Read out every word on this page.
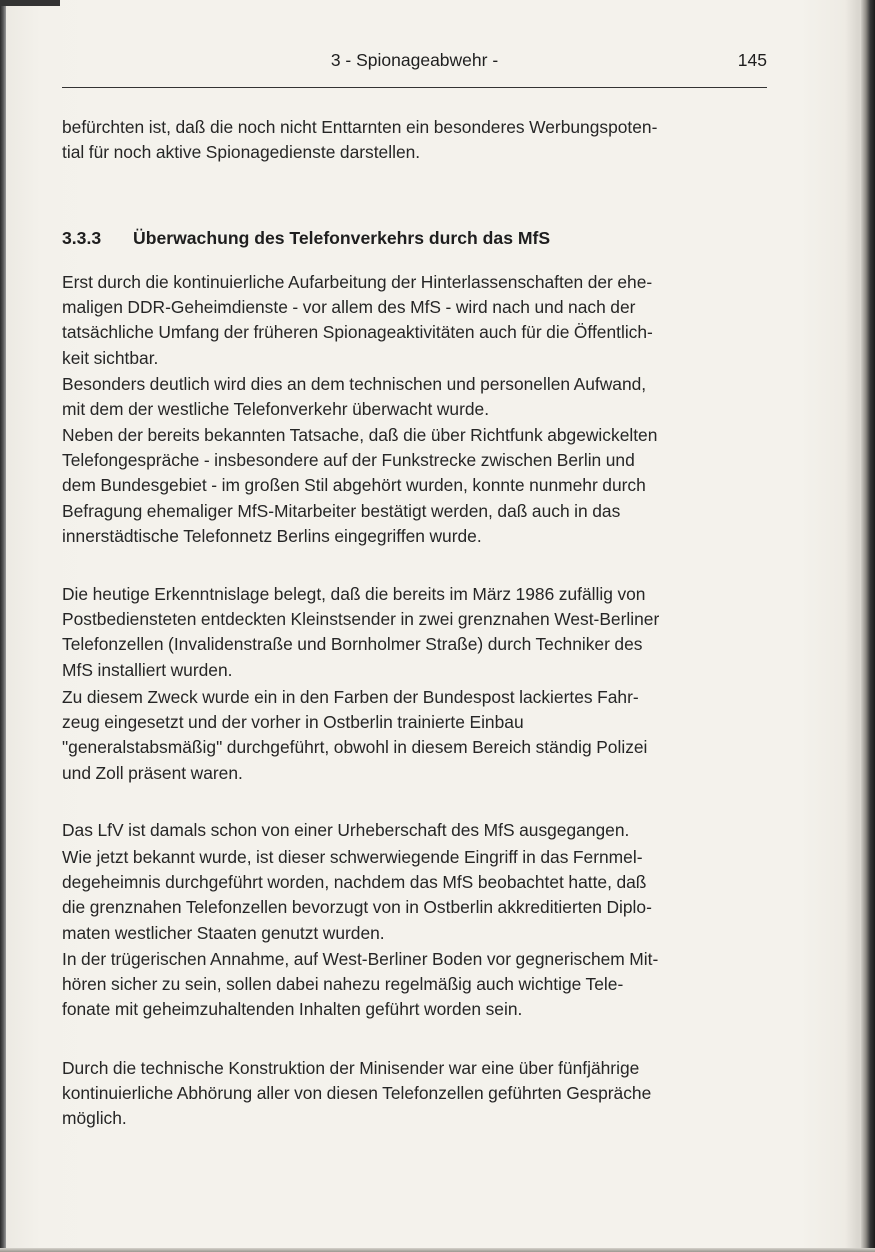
3 - Spionageabwehr -	145

befürchten ist, daß die noch nicht Enttarnten ein besonderes Werbungspoten-
tial für noch aktive Spionagedienste darstellen.

3.3.3 Überwachung des Telefonverkehrs durch das MfS

Erst durch die kontinuierliche Aufarbeitung der Hinterlassenschaften der ehe-
maligen DDR-Geheimdienste - vor allem des MfS - wird nach und nach der
tatsächliche Umfang der früheren Spionageaktivitäten auch für die Öffentlich-
keit sichtbar.

Besonders deutlich wird dies an dem technischen und personellen Aufwand,
mit dem der westliche Telefonverkehr überwacht wurde.

Neben der bereits bekannten Tatsache, daß die über Richtfunk abgewickelten
Telefongespräche - insbesondere auf der Funkstrecke zwischen Berlin und
dem Bundesgebiet - im großen Stil abgehört wurden, konnte nunmehr durch
Befragung ehemaliger MfS-Mitarbeiter bestätigt werden, daß auch in das
innerstädtische Telefonnetz Berlins eingegriffen wurde.

Die heutige Erkenntnislage belegt, daß die bereits im März 1986 zufällig von
Postbediensteten entdeckten Kleinstsender in zwei grenznahen West-Berliner
Telefonzellen (Invalidenstraße und Bornholmer Straße) durch Techniker des
MfS installiert wurden.

Zu diesem Zweck wurde ein in den Farben der Bundespost lackiertes Fahr-
zeug eingesetzt und der vorher in Ostberlin trainierte Einbau
"generalstabsmäßig" durchgeführt, obwohl in diesem Bereich ständig Polizei
und Zoll präsent waren.

Das LfV ist damals schon von einer Urheberschaft des MfS ausgegangen.

Wie jetzt bekannt wurde, ist dieser schwerwiegende Eingriff in das Fernmel-
degeheimnis durchgeführt worden, nachdem das MfS beobachtet hatte, daß
die grenznahen Telefonzellen bevorzugt von in Ostberlin akkreditierten Diplo-
maten westlicher Staaten genutzt wurden.

In der trügerischen Annahme, auf West-Berliner Boden vor gegnerischem Mit-
hören sicher zu sein, sollen dabei nahezu regelmäßig auch wichtige Tele-
fonate mit geheimzuhaltenden Inhalten geführt worden sein.

Durch die technische Konstruktion der Minisender war eine über fünfjährige
kontinuierliche Abhörung aller von diesen Telefonzellen geführten Gespräche
möglich.
